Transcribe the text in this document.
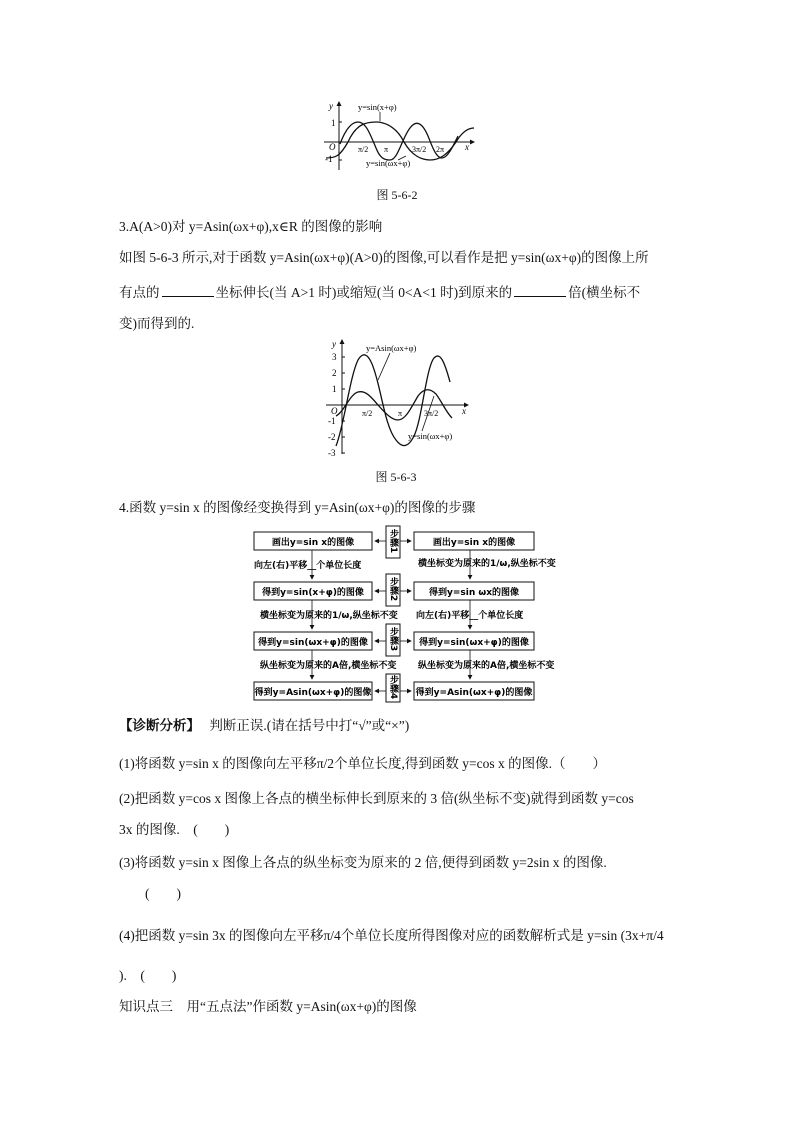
y
x
O
1
-1
π/2 π	3π/2 2π
y=sin(x+φ)
y=sin(ωx+φ)
图 5-6-2
3.A(A>0)对 y=Asin(ωx+φ),x∈R 的图像的影响
如图 5-6-3 所示,对于函数 y=Asin(ωx+φ)(A>0)的图像,可以看作是把 y=sin(ωx+φ)的图像上所
有点的	坐标伸长(当 A>1 时)或缩短(当 0<A<1 时)到原来的	倍(横坐标不
变)而得到的.
y
x
O
3
2
1
-1
-2
-3
π/2	π	3π/2
y=Asin(ωx+φ)
y=sin(ωx+φ)
图 5-6-3
4.函数 y=sin x 的图像经变换得到 y=Asin(ωx+φ)的图像的步骤
画出y=sin x的图像
得到y=sin(x+φ)的图像
得到y=sin(ωx+φ)的图像
得到y=Asin(ωx+φ)的图像
画出y=sin x的图像
得到y=sin ωx的图像
得到y=sin(ωx+φ)的图像
得到y=Asin(ωx+φ)的图像
步骤1
步骤2
步骤3
步骤4
向左(右)平移__个单位长度
横坐标变为原来的1/ω,纵坐标不变
纵坐标变为原来的A倍,横坐标不变
横坐标变为原来的1/ω,纵坐标不变
向左(右)平移__个单位长度
纵坐标变为原来的A倍,横坐标不变
【诊断分析】 判断正误.(请在括号中打“√”或“×”)
(1)将函数 y=sin x 的图像向左平移π/2个单位长度,得到函数 y=cos x 的图像.（　　）
(2)把函数 y=cos x 图像上各点的横坐标伸长到原来的 3 倍(纵坐标不变)就得到函数 y=cos
3x 的图像.　(　　)
(3)将函数 y=sin x 图像上各点的纵坐标变为原来的 2 倍,便得到函数 y=2sin x 的图像.
(　　)
(4)把函数 y=sin 3x 的图像向左平移π/4个单位长度所得图像对应的函数解析式是 y=sin (3x+π/4
).　(　　)
知识点三　用“五点法”作函数 y=Asin(ωx+φ)的图像
